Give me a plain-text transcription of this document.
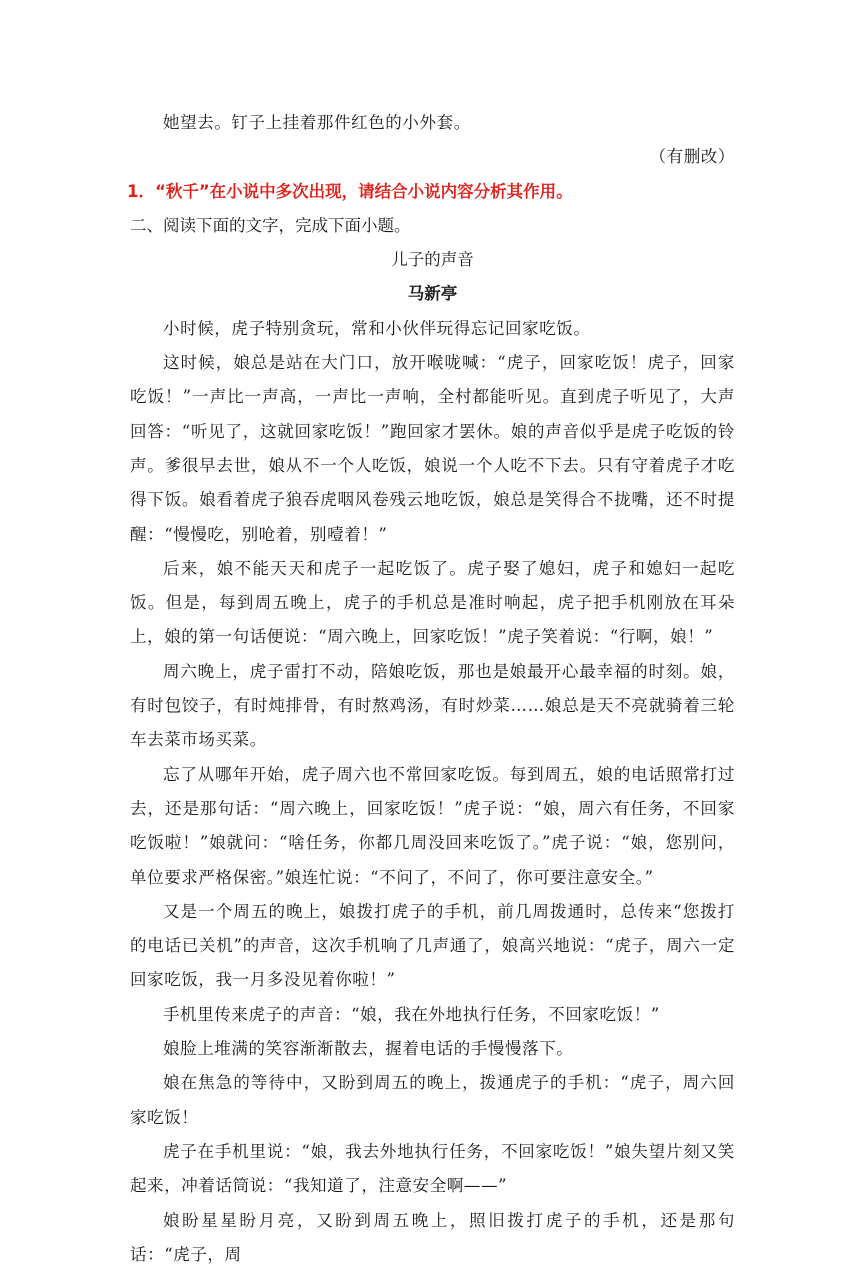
她望去。钉子上挂着那件红色的小外套。

（有删改）

1．“秋千”在小说中多次出现，请结合小说内容分析其作用。

二、阅读下面的文字，完成下面小题。

儿子的声音

马新亭

小时候，虎子特别贪玩，常和小伙伴玩得忘记回家吃饭。

这时候，娘总是站在大门口，放开喉咙喊：“虎子，回家吃饭！虎子，回家吃饭！”一声比一声高，一声比一声响，全村都能听见。直到虎子听见了，大声回答：“听见了，这就回家吃饭！”跑回家才罢休。娘的声音似乎是虎子吃饭的铃声。爹很早去世，娘从不一个人吃饭，娘说一个人吃不下去。只有守着虎子才吃得下饭。娘看着虎子狼吞虎咽风卷残云地吃饭，娘总是笑得合不拢嘴，还不时提醒：“慢慢吃，别呛着，别噎着！”

后来，娘不能天天和虎子一起吃饭了。虎子娶了媳妇，虎子和媳妇一起吃饭。但是，每到周五晚上，虎子的手机总是准时响起，虎子把手机刚放在耳朵上，娘的第一句话便说：“周六晚上，回家吃饭！”虎子笑着说：“行啊，娘！”

周六晚上，虎子雷打不动，陪娘吃饭，那也是娘最开心最幸福的时刻。娘，有时包饺子，有时炖排骨，有时熬鸡汤，有时炒菜……娘总是天不亮就骑着三轮车去菜市场买菜。

忘了从哪年开始，虎子周六也不常回家吃饭。每到周五，娘的电话照常打过去，还是那句话：“周六晚上，回家吃饭！”虎子说：“娘，周六有任务，不回家吃饭啦！”娘就问：“啥任务，你都几周没回来吃饭了。”虎子说：“娘，您别问，单位要求严格保密。”娘连忙说：“不问了，不问了，你可要注意安全。”

又是一个周五的晚上，娘拨打虎子的手机，前几周拨通时，总传来“您拨打的电话已关机”的声音，这次手机响了几声通了，娘高兴地说：“虎子，周六一定回家吃饭，我一月多没见着你啦！”

手机里传来虎子的声音：“娘，我在外地执行任务，不回家吃饭！”

娘脸上堆满的笑容渐渐散去，握着电话的手慢慢落下。

娘在焦急的等待中，又盼到周五的晚上，拨通虎子的手机：“虎子，周六回家吃饭！

虎子在手机里说：“娘，我去外地执行任务，不回家吃饭！”娘失望片刻又笑起来，冲着话筒说：“我知道了，注意安全啊——”

娘盼星星盼月亮，又盼到周五晚上，照旧拨打虎子的手机，还是那句话：“虎子，周
